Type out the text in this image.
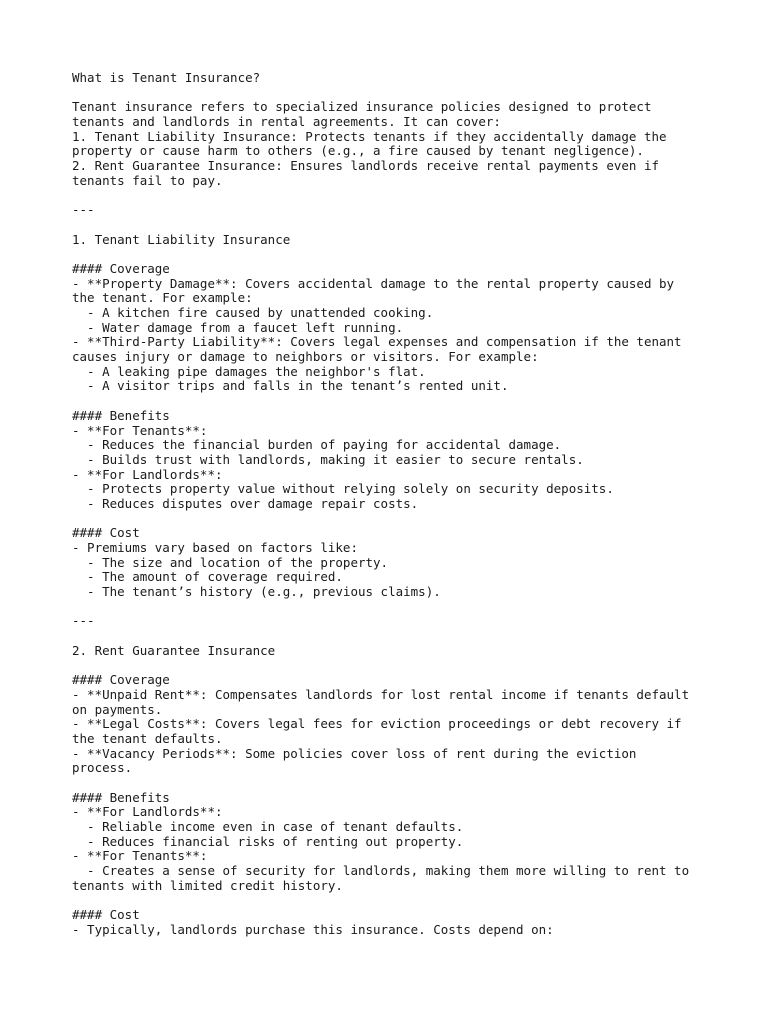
What is Tenant Insurance?
Tenant insurance refers to specialized insurance policies designed to protect
tenants and landlords in rental agreements. It can cover:
1. Tenant Liability Insurance: Protects tenants if they accidentally damage the
property or cause harm to others (e.g., a fire caused by tenant negligence).
2. Rent Guarantee Insurance: Ensures landlords receive rental payments even if
tenants fail to pay.
---
1. Tenant Liability Insurance
#### Coverage
- **Property Damage**: Covers accidental damage to the rental property caused by
the tenant. For example:
- A kitchen fire caused by unattended cooking.
- Water damage from a faucet left running.
- **Third-Party Liability**: Covers legal expenses and compensation if the tenant
causes injury or damage to neighbors or visitors. For example:
- A leaking pipe damages the neighbor's flat.
- A visitor trips and falls in the tenant’s rented unit.
#### Benefits
- **For Tenants**:
- Reduces the financial burden of paying for accidental damage.
- Builds trust with landlords, making it easier to secure rentals.
- **For Landlords**:
- Protects property value without relying solely on security deposits.
- Reduces disputes over damage repair costs.
#### Cost
- Premiums vary based on factors like:
- The size and location of the property.
- The amount of coverage required.
- The tenant’s history (e.g., previous claims).
---
2. Rent Guarantee Insurance
#### Coverage
- **Unpaid Rent**: Compensates landlords for lost rental income if tenants default
on payments.
- **Legal Costs**: Covers legal fees for eviction proceedings or debt recovery if
the tenant defaults.
- **Vacancy Periods**: Some policies cover loss of rent during the eviction
process.
#### Benefits
- **For Landlords**:
- Reliable income even in case of tenant defaults.
- Reduces financial risks of renting out property.
- **For Tenants**:
- Creates a sense of security for landlords, making them more willing to rent to
tenants with limited credit history.
#### Cost
- Typically, landlords purchase this insurance. Costs depend on:
